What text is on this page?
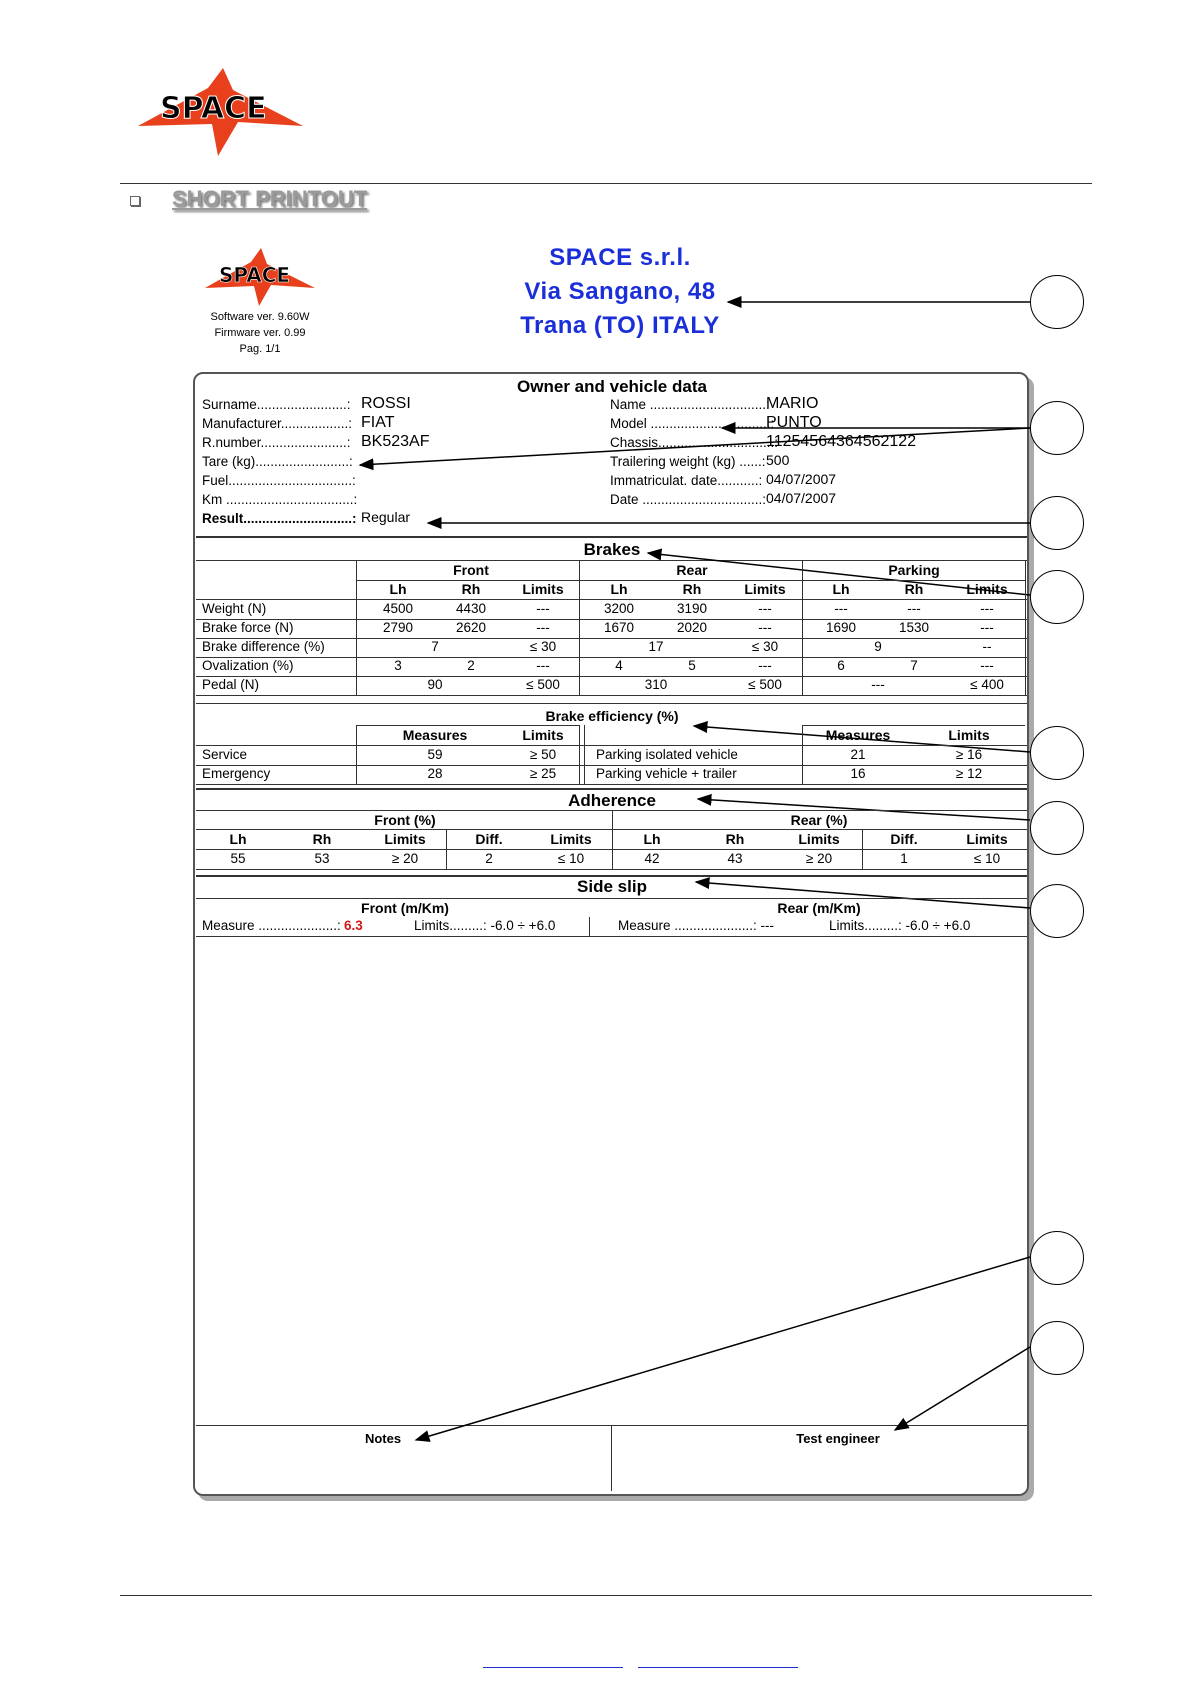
SPACE
SHORT PRINTOUT
SPACE
Software ver. 9.60W
Firmware ver. 0.99
Pag. 1/1
SPACE s.r.l.
Via Sangano, 48
Trana (TO) ITALY
Owner and vehicle data
Brakes
Notes	Test engineer
Surname........................: ROSSI
Manufacturer..................: FIAT
R.number.......................: BK523AF
Tare (kg).........................:
Fuel.................................:
Km ..................................:
Result.............................: Regular
Name ...............................:
MARIO
Model ................................:
PUNTO
Chassis...............................:
11254564364562122
Trailering weight (kg) ......: 500
Immatriculat. date...........: 04/07/2007
Date ................................: 04/07/2007
Front	Rear	Parking
Lh	Rh	Limits	Lh	Rh	Limits	Lh	Rh	Limits
Weight (N)	4500	4430	---	3200	3190	---	---	---	---
Brake force (N)	2790	2620	---	1670	2020	---	1690	1530	---
Brake difference (%)	7	≤ 30	17	≤ 30	9	--
Ovalization (%)	3	2	---	4	5	---	6	7	---
Pedal (N)	90	≤ 500	310	≤ 500	---	≤ 400
Brake efficiency (%)
Measures	Limits	Measures	Limits
Service	59	≥ 50	Parking isolated vehicle	21	≥ 16
Emergency	28	≥ 25	Parking vehicle + trailer	16	≥ 12
Adherence
Front (%)	Rear (%)
Lh	Rh	Limits	Diff.	Limits	Lh	Rh	Limits	Diff.	Limits
55	53	≥ 20	2	≤ 10	42	43	≥ 20	1	≤ 10
Side slip
Front (m/Km)	Rear (m/Km)
Measure .....................: 6.3	Limits.........: -6.0 ÷ +6.0	Measure .....................: ---	Limits.........: -6.0 ÷ +6.0
